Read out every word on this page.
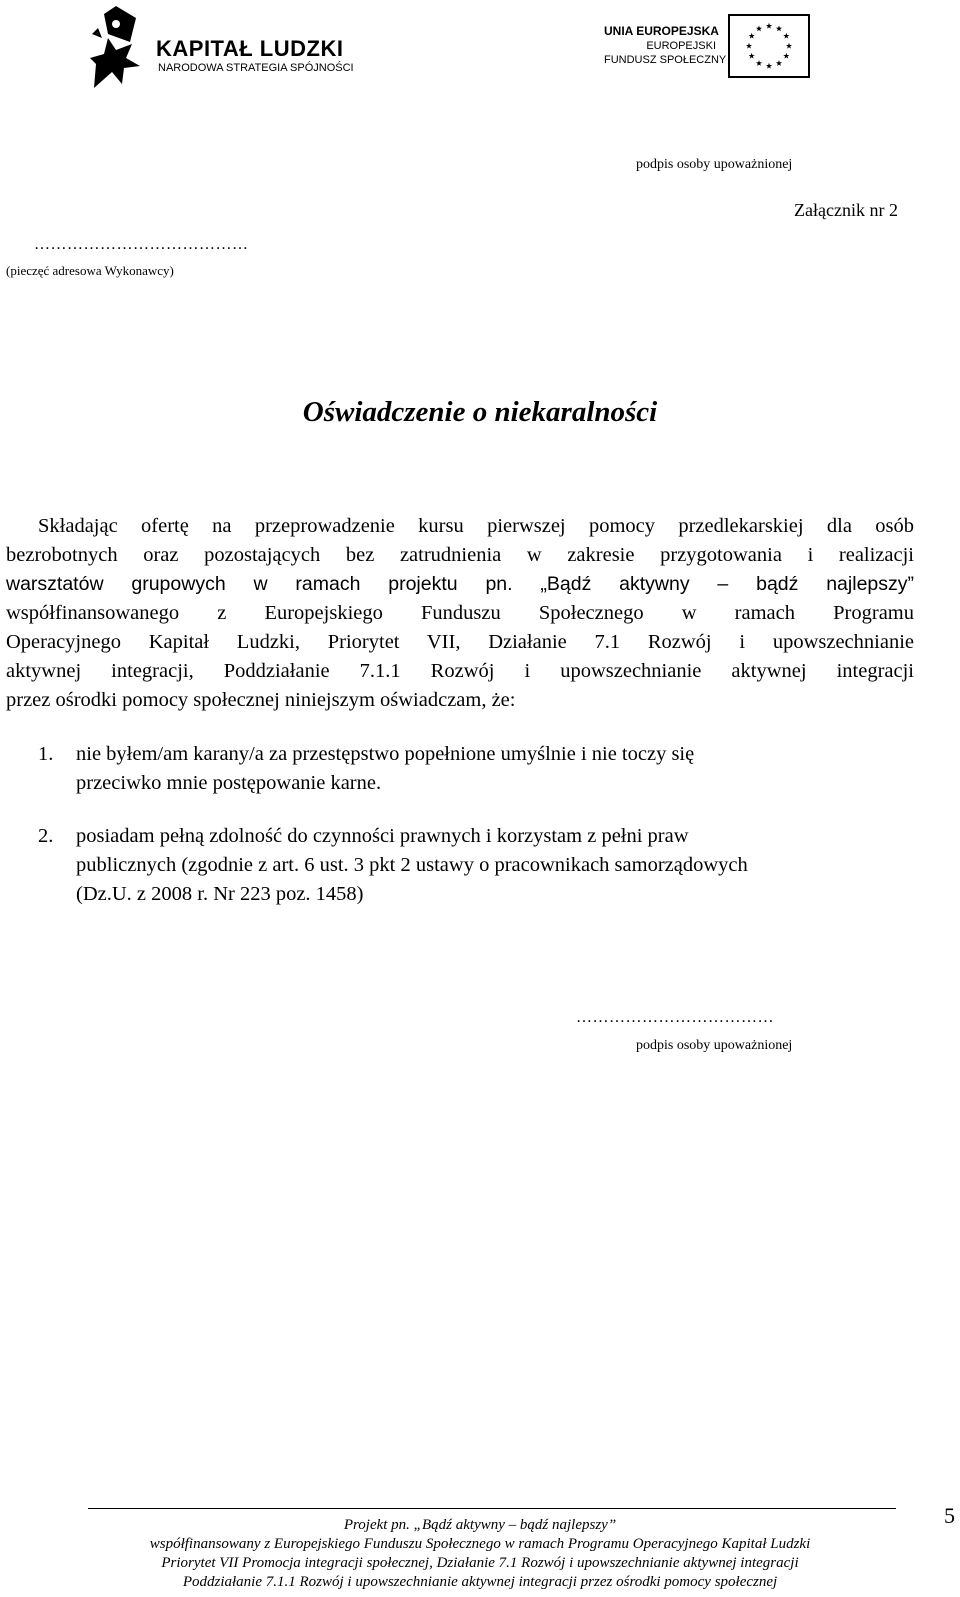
KAPITAŁ LUDZKI
NARODOWA STRATEGIA SPÓJNOŚCI
UNIA EUROPEJSKA
EUROPEJSKI
FUNDUSZ SPOŁECZNY
podpis osoby upoważnionej
Załącznik nr 2
…………………………………
(pieczęć adresowa Wykonawcy)
Oświadczenie o niekaralności
Składając ofertę na przeprowadzenie kursu pierwszej pomocy przedlekarskiej dla osób
bezrobotnych oraz pozostających bez zatrudnienia w zakresie przygotowania i realizacji
warsztatów grupowych w ramach projektu pn. „Bądź aktywny – bądź najlepszy”
współfinansowanego z Europejskiego Funduszu Społecznego w ramach Programu
Operacyjnego Kapitał Ludzki, Priorytet VII, Działanie 7.1 Rozwój i upowszechnianie
aktywnej integracji, Poddziałanie 7.1.1 Rozwój i upowszechnianie aktywnej integracji
przez ośrodki pomocy społecznej niniejszym oświadczam, że:
1. nie byłem/am karany/a za przestępstwo popełnione umyślnie i nie toczy się
przeciwko mnie postępowanie karne.
2. posiadam pełną zdolność do czynności prawnych i korzystam z pełni praw
publicznych (zgodnie z art. 6 ust. 3 pkt 2 ustawy o pracownikach samorządowych
(Dz.U. z 2008 r. Nr 223 poz. 1458)
………………………………
podpis osoby upoważnionej
Projekt pn. „Bądź aktywny – bądź najlepszy”
współfinansowany z Europejskiego Funduszu Społecznego w ramach Programu Operacyjnego Kapitał Ludzki
Priorytet VII Promocja integracji społecznej, Działanie 7.1 Rozwój i upowszechnianie aktywnej integracji
Poddziałanie 7.1.1 Rozwój i upowszechnianie aktywnej integracji przez ośrodki pomocy społecznej
5
